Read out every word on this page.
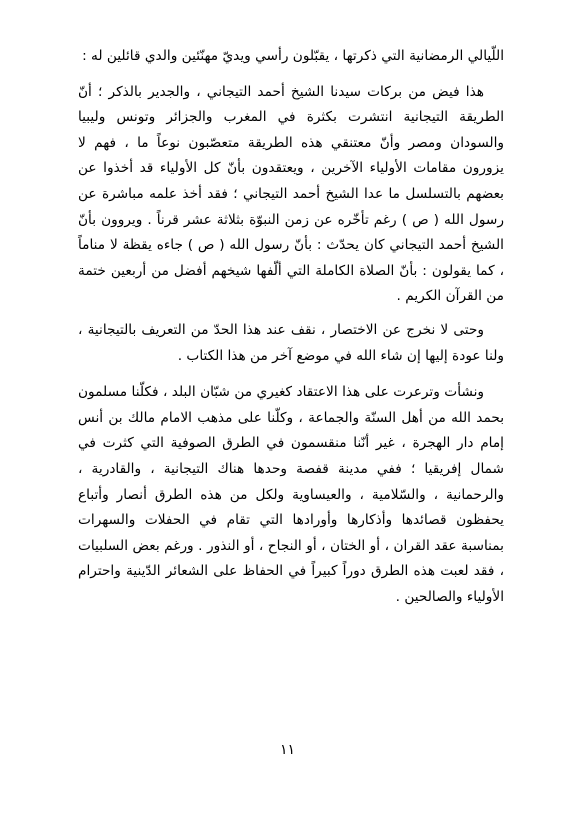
اللّيالي الرمضانية التي ذكرتها ، يقبّلون رأسي ويديّ مهنّئين والدي قائلين له :

هذا فيض من بركات سيدنا الشيخ أحمد التيجاني ، والجدير بالذكر ؛ أنّ الطريقة التيجانية انتشرت بكثرة في المغرب والجزائر وتونس وليبيا والسودان ومصر وأنّ معتنقي هذه الطريقة متعصّبون نوعاً ما ، فهم لا يزورون مقامات الأولياء الآخرين ، ويعتقدون بأنّ كل الأولياء قد أخذوا عن بعضهم بالتسلسل ما عدا الشيخ أحمد التيجاني ؛ فقد أخذ علمه مباشرة عن رسول الله ( ص ) رغم تأخّره عن زمن النبوّة بثلاثة عشر قرناً . ويروون بأنّ الشيخ أحمد التيجاني كان يحدّث : بأنّ رسول الله ( ص ) جاءه يقظة لا مناماً ، كما يقولون : بأنّ الصلاة الكاملة التي ألّفها شيخهم أفضل من أربعين ختمة من القرآن الكريم .

وحتى لا نخرج عن الاختصار ، نقف عند هذا الحدّ من التعريف بالتيجانية ، ولنا عودة إليها إن شاء الله في موضع آخر من هذا الكتاب .

ونشأت وترعرت على هذا الاعتقاد كغيري من شبّان البلد ، فكلّنا مسلمون بحمد الله من أهل السنّة والجماعة ، وكلّنا على مذهب الامام مالك بن أنس إمام دار الهجرة ، غير أنّنا منقسمون في الطرق الصوفية التي كثرت في شمال إفريقيا ؛ ففي مدينة قفصة وحدها هناك التيجانية ، والقادرية ، والرحمانية ، والسّلامية ، والعيساوية ولكل من هذه الطرق أنصار وأتباع يحفظون قصائدها وأذكارها وأورادها التي تقام في الحفلات والسهرات بمناسبة عقد القران ، أو الختان ، أو النجاح ، أو النذور . ورغم بعض السلبيات ، فقد لعبت هذه الطرق دوراً كبيراً في الحفاظ على الشعائر الدّينية واحترام الأولياء والصالحين .

١١
